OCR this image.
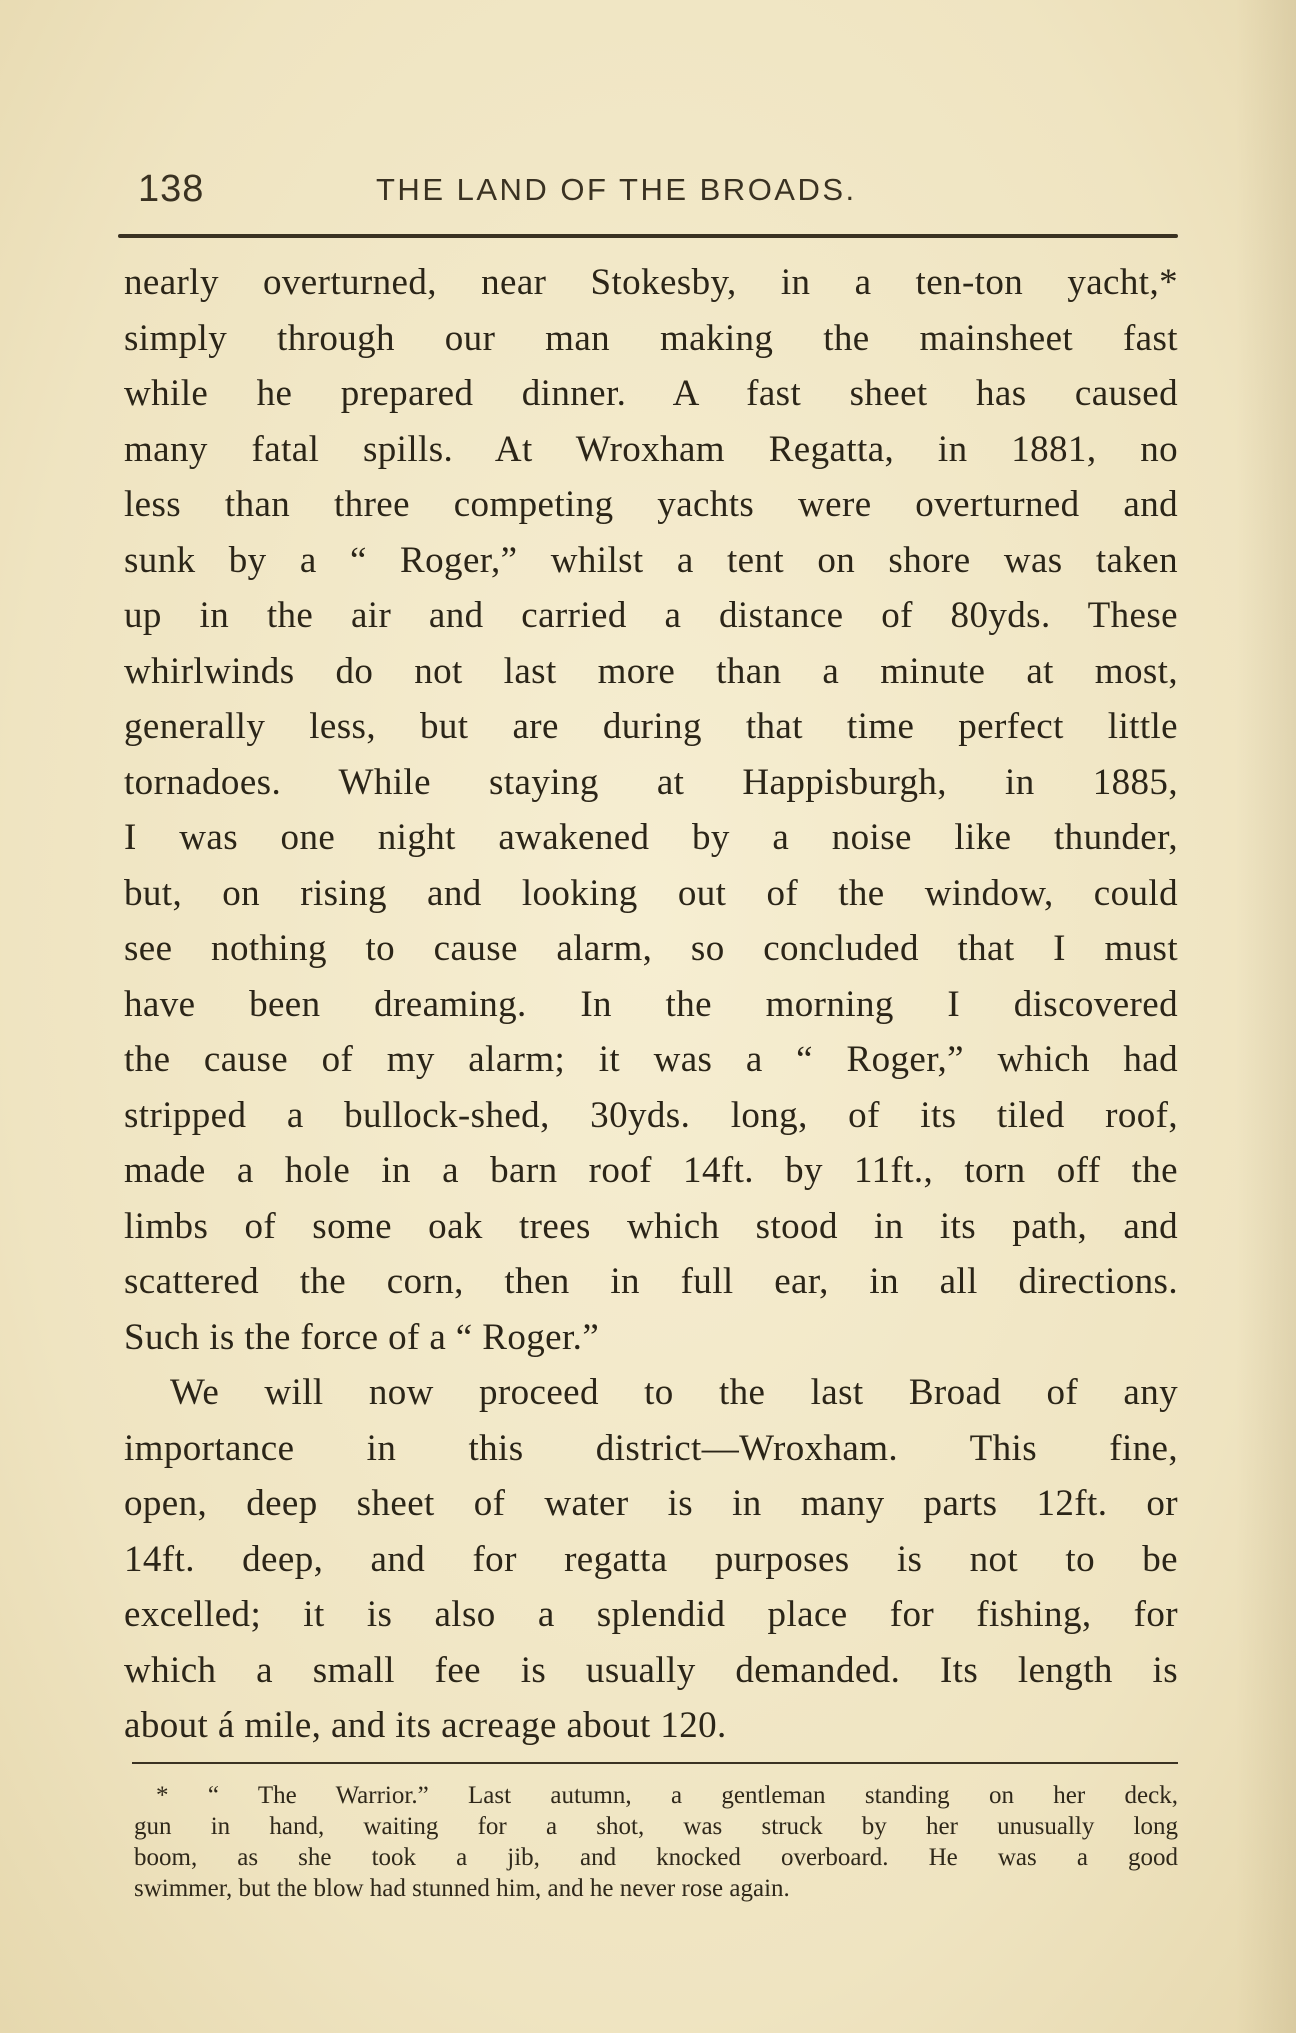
138	THE LAND OF THE BROADS.
nearly overturned, near Stokesby, in a ten-ton yacht,*
simply through our man making the mainsheet fast
while he prepared dinner. A fast sheet has caused
many fatal spills. At Wroxham Regatta, in 1881, no
less than three competing yachts were overturned and
sunk by a “ Roger,” whilst a tent on shore was taken
up in the air and carried a distance of 80yds. These
whirlwinds do not last more than a minute at most,
generally less, but are during that time perfect little
tornadoes. While staying at Happisburgh, in 1885,
I was one night awakened by a noise like thunder,
but, on rising and looking out of the window, could
see nothing to cause alarm, so concluded that I must
have been dreaming. In the morning I discovered
the cause of my alarm; it was a “ Roger,” which had
stripped a bullock-shed, 30yds. long, of its tiled roof,
made a hole in a barn roof 14ft. by 11ft., torn off the
limbs of some oak trees which stood in its path, and
scattered the corn, then in full ear, in all directions.
Such is the force of a “ Roger.”
We will now proceed to the last Broad of any
importance in this district—Wroxham. This fine,
open, deep sheet of water is in many parts 12ft. or
14ft. deep, and for regatta purposes is not to be
excelled; it is also a splendid place for fishing, for
which a small fee is usually demanded. Its length is
about á mile, and its acreage about 120.
* “ The Warrior.” Last autumn, a gentleman standing on her deck,
gun in hand, waiting for a shot, was struck by her unusually long
boom, as she took a jib, and knocked overboard. He was a good
swimmer, but the blow had stunned him, and he never rose again.
